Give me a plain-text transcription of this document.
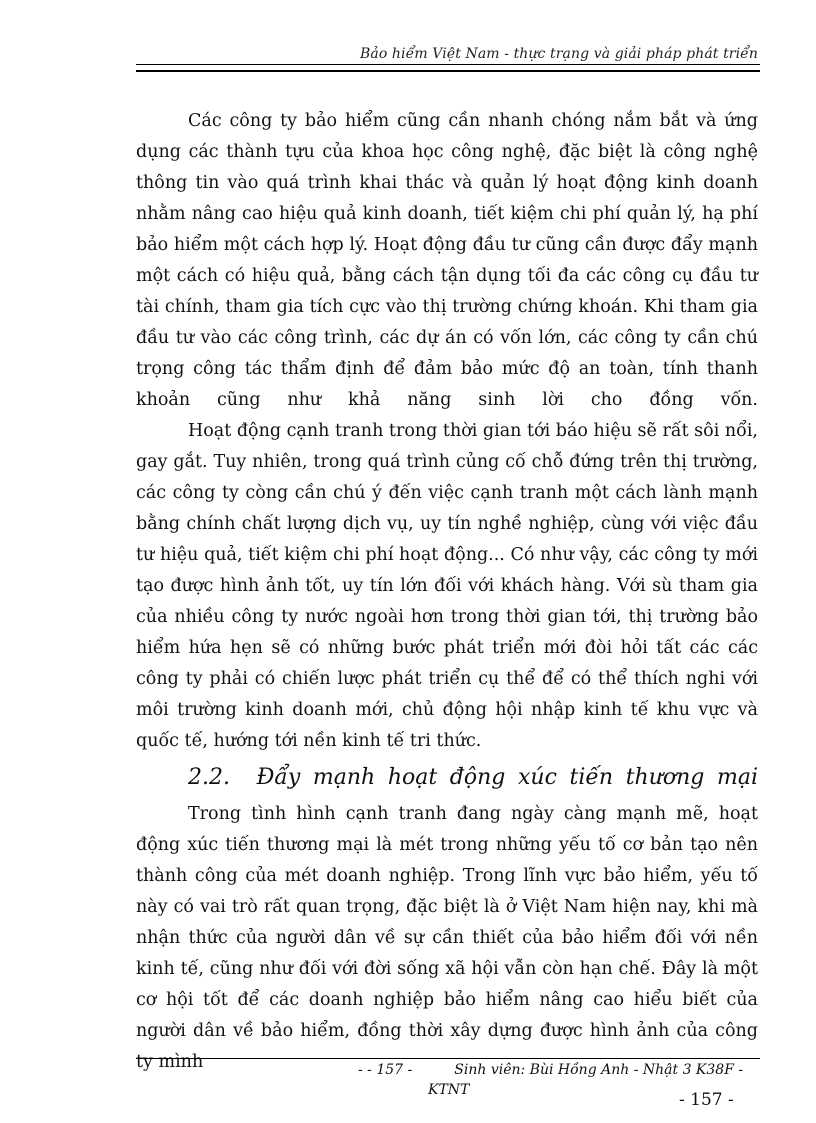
Bảo hiểm Việt Nam - thực trạng và giải pháp phát triển

Các công ty bảo hiểm cũng cần nhanh chóng nắm bắt và ứng dụng các thành tựu của khoa học công nghệ, đặc biệt là công nghệ thông tin vào quá trình khai thác và quản lý hoạt động kinh doanh nhằm nâng cao hiệu quả kinh doanh, tiết kiệm chi phí quản lý, hạ phí bảo hiểm một cách hợp lý. Hoạt động đầu tư cũng cần được đẩy mạnh một cách có hiệu quả, bằng cách tận dụng tối đa các công cụ đầu tư tài chính, tham gia tích cực vào thị trường chứng khoán. Khi tham gia đầu tư vào các công trình, các dự án có vốn lớn, các công ty cần chú trọng công tác thẩm định để đảm bảo mức độ an toàn, tính thanh khoản cũng như khả năng sinh lời cho đồng vốn.

Hoạt động cạnh tranh trong thời gian tới báo hiệu sẽ rất sôi nổi, gay gắt. Tuy nhiên, trong quá trình củng cố chỗ đứng trên thị trường, các công ty còng cần chú ý đến việc cạnh tranh một cách lành mạnh bằng chính chất lượng dịch vụ, uy tín nghề nghiệp, cùng với việc đầu tư hiệu quả, tiết kiệm chi phí hoạt động... Có như vậy, các công ty mới tạo được hình ảnh tốt, uy tín lớn đối với khách hàng. Với sù tham gia của nhiều công ty nước ngoài hơn trong thời gian tới, thị trường bảo hiểm hứa hẹn sẽ có những bước phát triển mới đòi hỏi tất các các công ty phải có chiến lược phát triển cụ thể để có thể thích nghi với môi trường kinh doanh mới, chủ động hội nhập kinh tế khu vực và quốc tế, hướng tới nền kinh tế tri thức.

2.2. Đẩy mạnh hoạt động xúc tiến thương mại

Trong tình hình cạnh tranh đang ngày càng mạnh mẽ, hoạt động xúc tiến thương mại là mét trong những yếu tố cơ bản tạo nên thành công của mét doanh nghiệp. Trong lĩnh vực bảo hiểm, yếu tố này có vai trò rất quan trọng, đặc biệt là ở Việt Nam hiện nay, khi mà nhận thức của người dân về sự cần thiết của bảo hiểm đối với nền kinh tế, cũng như đối với đời sống xã hội vẫn còn hạn chế. Đây là một cơ hội tốt để các doanh nghiệp bảo hiểm nâng cao hiểu biết của người dân về bảo hiểm, đồng thời xây dựng được hình ảnh của công ty mình	- - 157 -	Sinh viên: Bùi Hồng Anh - Nhật 3 K38F -
KTNT	- 157 -
